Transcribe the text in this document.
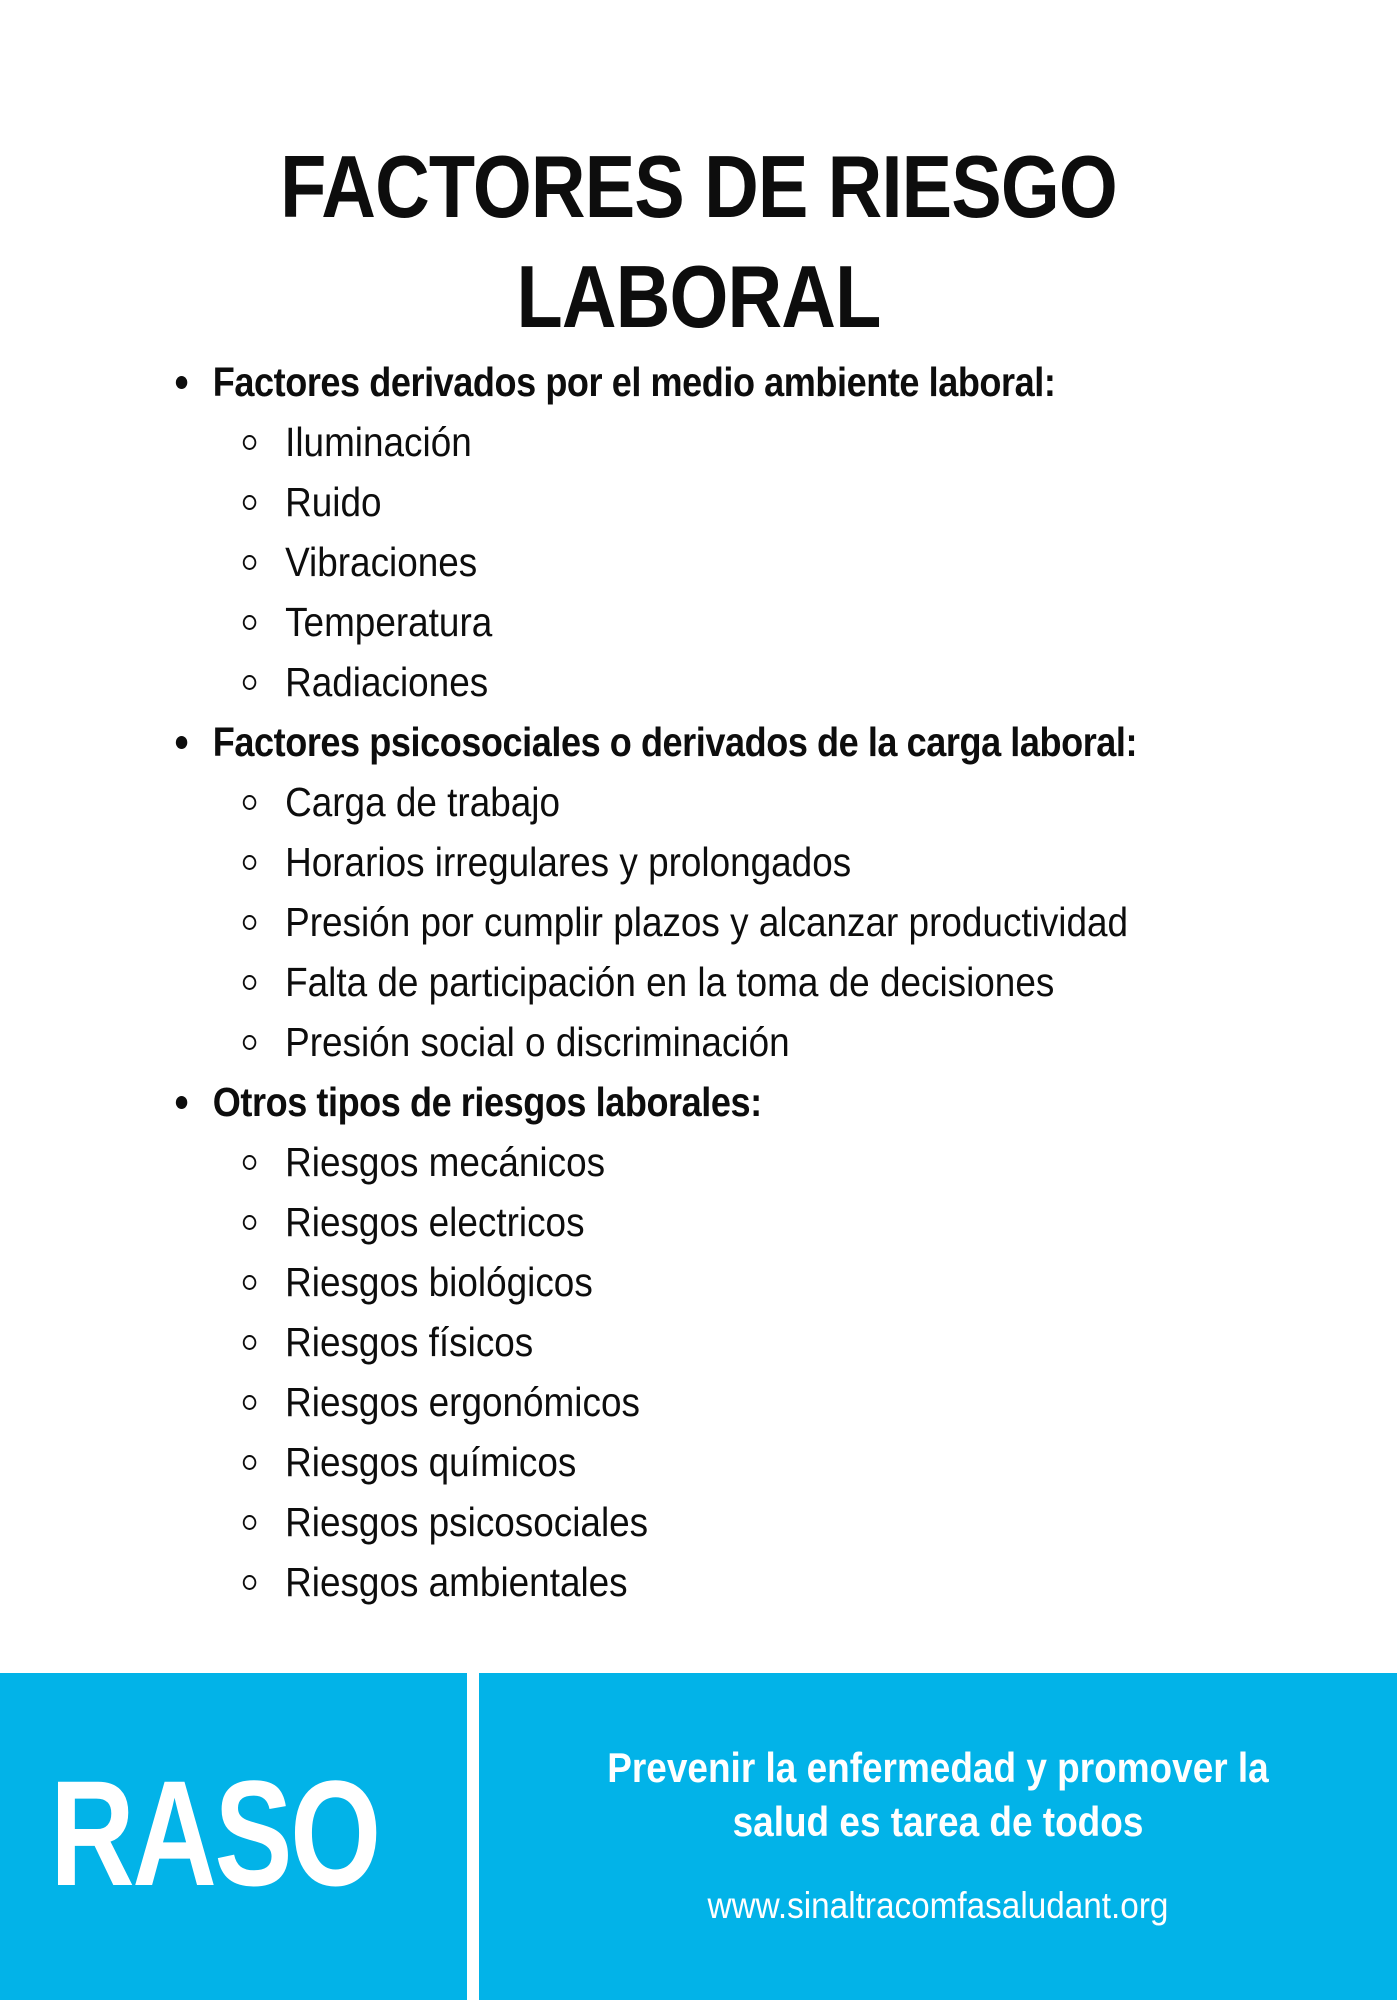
FACTORES DE RIESGO LABORAL
Factores derivados por el medio ambiente laboral:
Iluminación
Ruido
Vibraciones
Temperatura
Radiaciones
Factores psicosociales o derivados de la carga laboral:
Carga de trabajo
Horarios irregulares y prolongados
Presión por cumplir plazos y alcanzar productividad
Falta de participación en la toma de decisiones
Presión social o discriminación
Otros tipos de riesgos laborales:
Riesgos mecánicos
Riesgos electricos
Riesgos biológicos
Riesgos físicos
Riesgos ergonómicos
Riesgos químicos
Riesgos psicosociales
Riesgos ambientales
RASO	Prevenir la enfermedad y promover la
salud es tarea de todos
www.sinaltracomfasaludant.org
